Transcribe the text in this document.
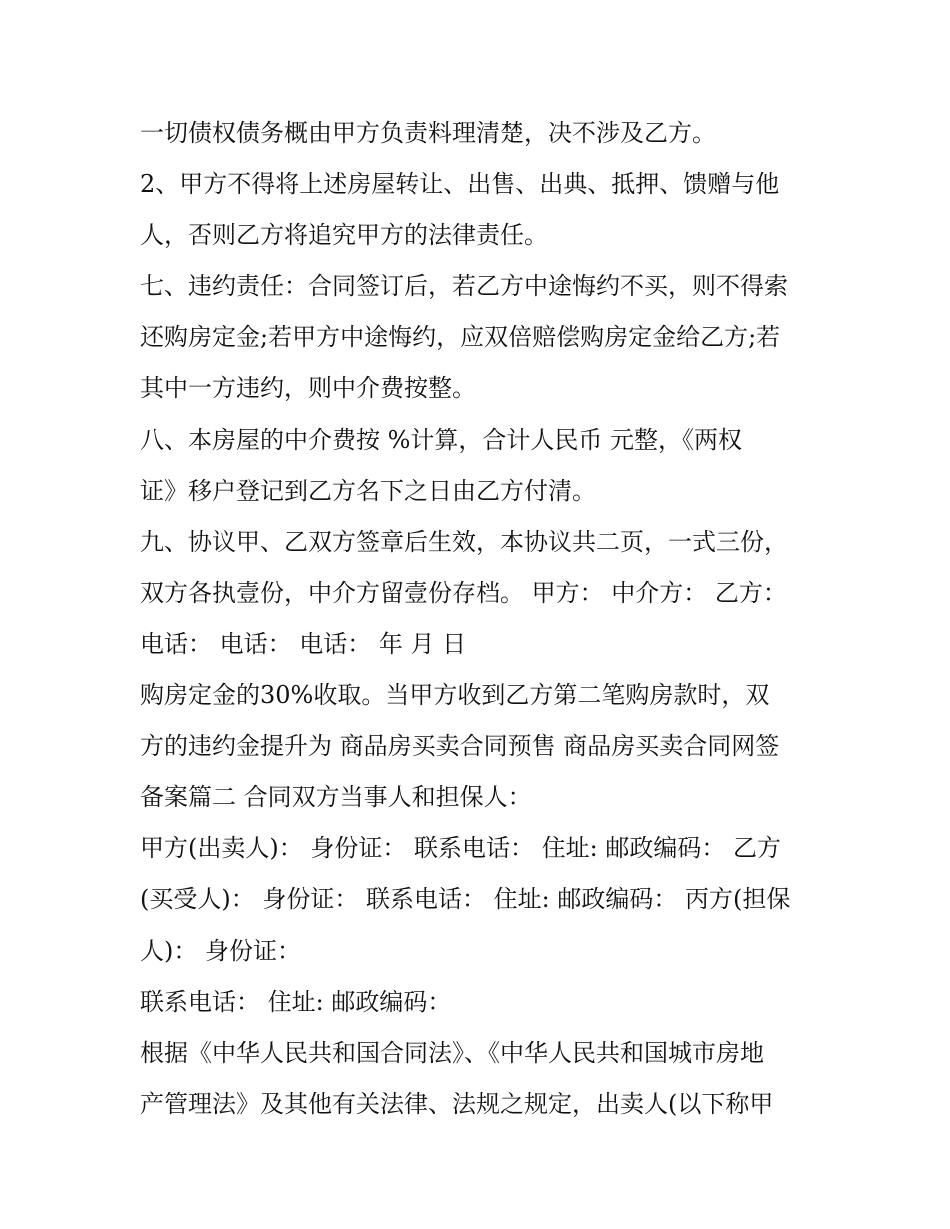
一切债权债务概由甲方负责料理清楚，决不涉及乙方。
2、甲方不得将上述房屋转让、出售、出典、抵押、馈赠与他
人，否则乙方将追究甲方的法律责任。
七、违约责任：合同签订后，若乙方中途悔约不买，则不得索
还购房定金;若甲方中途悔约，应双倍赔偿购房定金给乙方;若
其中一方违约，则中介费按整。
八、本房屋的中介费按 %计算，合计人民币 元整，《两权
证》移户登记到乙方名下之日由乙方付清。
九、协议甲、乙双方签章后生效，本协议共二页，一式三份，
双方各执壹份，中介方留壹份存档。 甲方： 中介方： 乙方：
电话： 电话： 电话： 年 月 日
购房定金的30%收取。当甲方收到乙方第二笔购房款时，双
方的违约金提升为 商品房买卖合同预售 商品房买卖合同网签
备案篇二 合同双方当事人和担保人：
甲方(出卖人)： 身份证： 联系电话： 住址: 邮政编码： 乙方
(买受人)： 身份证： 联系电话： 住址: 邮政编码： 丙方(担保
人)： 身份证：
联系电话： 住址: 邮政编码：
根据《中华人民共和国合同法》、《中华人民共和国城市房地
产管理法》及其他有关法律、法规之规定，出卖人(以下称甲
